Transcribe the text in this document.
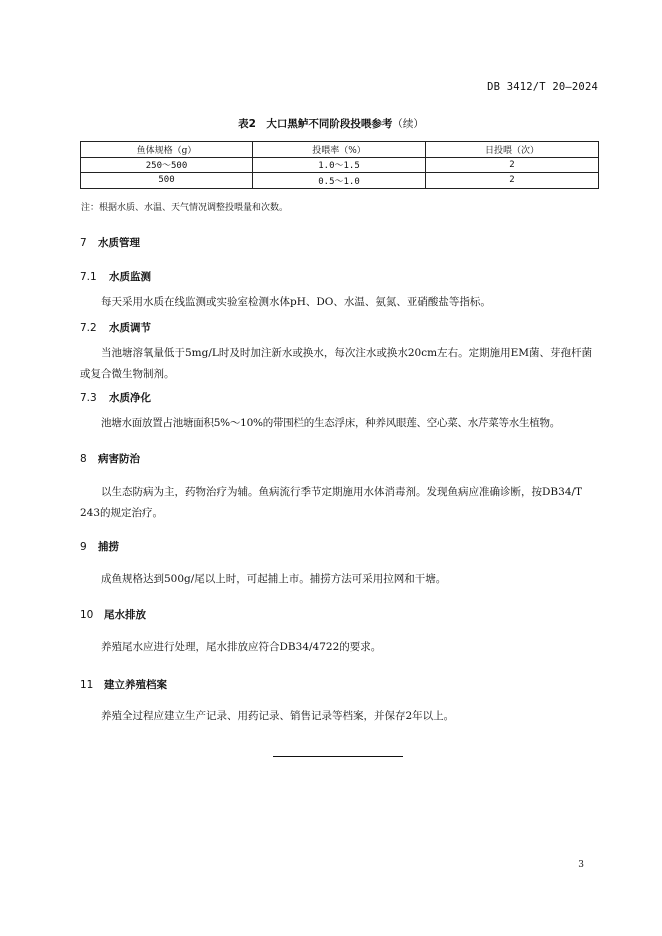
DB 3412/T 20—2024
表2　大口黑鲈不同阶段投喂参考（续）
鱼体规格（g）	投喂率（%）	日投喂（次）
250～500	1.0～1.5	2
500	0.5～1.0	2
注：根据水质、水温、天气情况调整投喂量和次数。
7 水质管理
7.1 水质监测
每天采用水质在线监测或实验室检测水体pH、DO、水温、氨氮、亚硝酸盐等指标。
7.2 水质调节
当池塘溶氧量低于5mg/L时及时加注新水或换水，每次注水或换水20cm左右。定期施用EM菌、芽孢杆菌或复合微生物制剂。
7.3 水质净化
池塘水面放置占池塘面积5%～10%的带围栏的生态浮床，种养风眼莲、空心菜、水芹菜等水生植物。
8 病害防治
以生态防病为主，药物治疗为辅。鱼病流行季节定期施用水体消毒剂。发现鱼病应准确诊断，按DB34/T 243的规定治疗。
9 捕捞
成鱼规格达到500g/尾以上时，可起捕上市。捕捞方法可采用拉网和干塘。
10 尾水排放
养殖尾水应进行处理，尾水排放应符合DB34/4722的要求。
11 建立养殖档案
养殖全过程应建立生产记录、用药记录、销售记录等档案，并保存2年以上。
3
